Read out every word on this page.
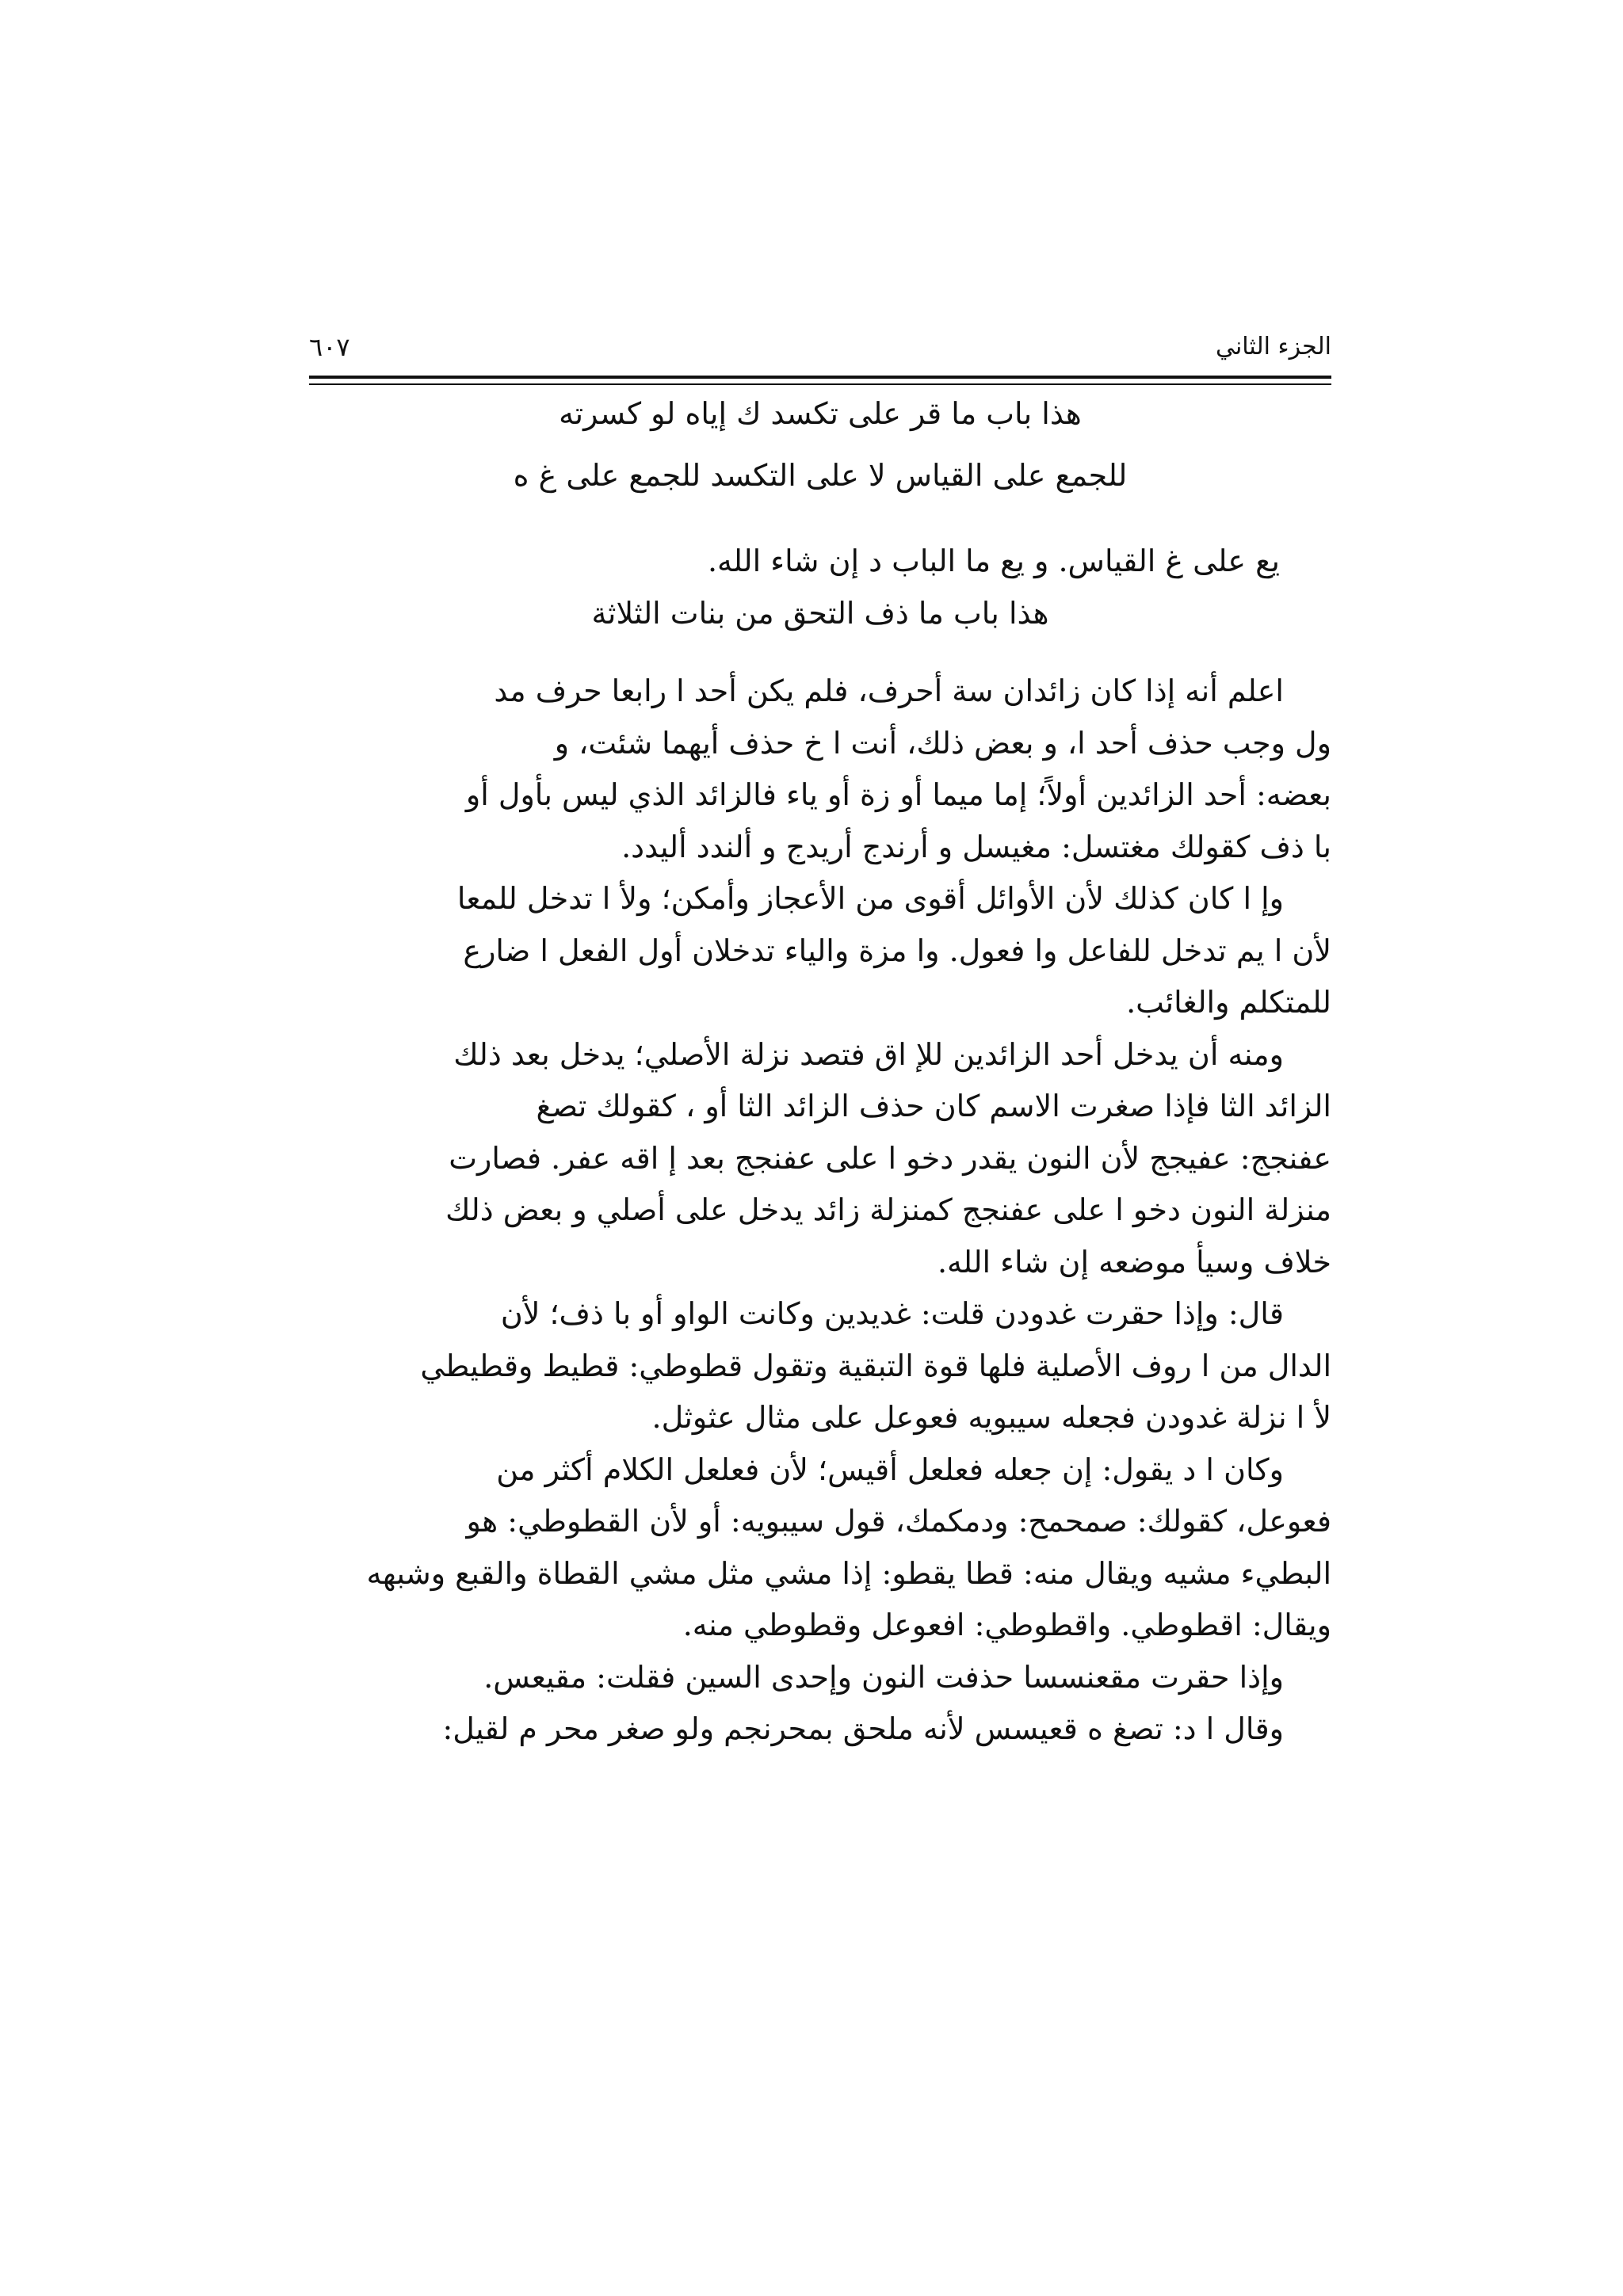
الجزء الثاني
٦٠٧
هذا باب ما قر على تكسد ك إياه لو كسرته
للجمع على القياس لا على التكسد للجمع على غ ه
يع على غ القياس. و يع ما الباب د إن شاء الله.
هذا باب ما ذف التحق من بنات الثلاثة

اعلم أنه إذا كان زائدان سة أحرف، فلم يكن أحد ا رابعا حرف مد

ول وجب حذف أحد ا، و بعض ذلك، أنت ا خ حذف أيهما شئت، و

بعضه: أحد الزائدين أولاً؛ إما ميما أو زة أو ياء فالزائد الذي ليس بأول أو

با ذف كقولك مغتسل: مغيسل و أرندج أريدج و ألندد أليدد.

وإ ا كان كذلك لأن الأوائل أقوى من الأعجاز وأمكن؛ ولأ ا تدخل للمعا

لأن ا يم تدخل للفاعل وا فعول. وا مزة والياء تدخلان أول الفعل ا ضارع

للمتكلم والغائب.

ومنه أن يدخل أحد الزائدين للإ اق فتصد نزلة الأصلي؛ يدخل بعد ذلك

الزائد الثا فإذا صغرت الاسم كان حذف الزائد الثا أو ، كقولك تصغ

عفنجج: عفيجج لأن النون يقدر دخو ا على عفنجج بعد إ اقه عفر. فصارت

منزلة النون دخو ا على عفنجج كمنزلة زائد يدخل على أصلي و بعض ذلك

خلاف وسيأ موضعه إن شاء الله.

قال: وإذا حقرت غدودن قلت: غديدين وكانت الواو أو با ذف؛ لأن

الدال من ا روف الأصلية فلها قوة التبقية وتقول قطوطي: قطيط وقطيطي

لأ ا نزلة غدودن فجعله سيبويه فعوعل على مثال عثوثل.

وكان ا د يقول: إن جعله فعلعل أقيس؛ لأن فعلعل الكلام أكثر من

فعوعل، كقولك: صمحمح: ودمكمك، قول سيبويه: أو لأن القطوطي: هو

البطيء مشيه ويقال منه: قطا يقطو: إذا مشي مثل مشي القطاة والقبع وشبهه

ويقال: اقطوطي. واقطوطي: افعوعل وقطوطي منه.

وإذا حقرت مقعنسسا حذفت النون وإحدى السين فقلت: مقيعس.

وقال ا د: تصغ ه قعيسس لأنه ملحق بمحرنجم ولو صغر محر م لقيل:
